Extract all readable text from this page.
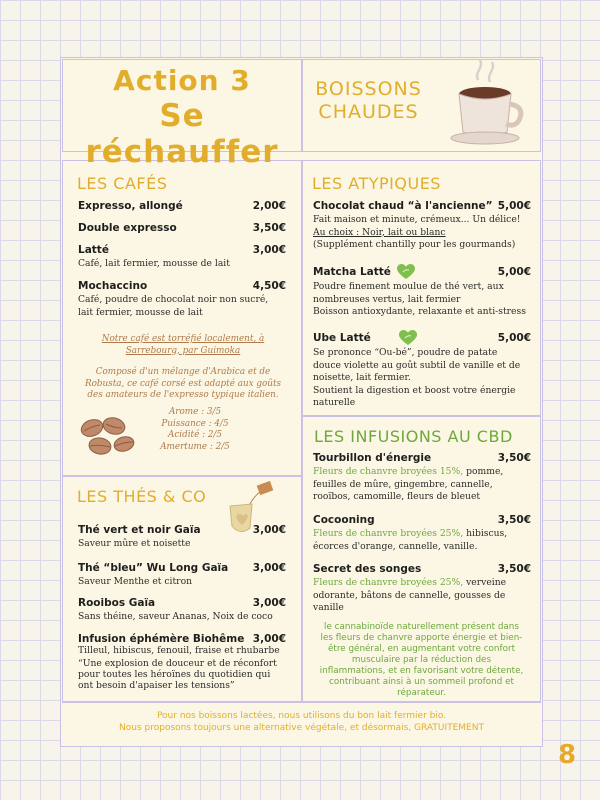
Action 3
Se réchauffer
BOISSONS
CHAUDES
LES CAFÉS
Expresso, allongé	2,00€
Double expresso	3,50€
Latté	3,00€
Café, lait fermier, mousse de lait
Mochaccino	4,50€
Café, poudre de chocolat noir non sucré,
lait fermier, mousse de lait
Notre café est torréfié localement, à
Sarrebourg, par Guimoka
Composé d'un mélange d'Arabica et de
Robusta, ce café corsé est adapté aux goûts
des amateurs de l'expresso typique italien.
Arome : 3/5
Puissance : 4/5
Acidité : 2/5
Amertume : 2/5
LES THÉS & CO
Thé vert et noir Gaïa	3,00€
Saveur mûre et noisette
Thé “bleu” Wu Long Gaïa 3,00€
Saveur Menthe et citron
Rooibos Gaïa	3,00€
Sans théine, saveur Ananas, Noix de coco
Infusion éphémère Biohême 3,00€
Tilleul, hibiscus, fenouil, fraise et rhubarbe
“Une explosion de douceur et de réconfort
pour toutes les héroïnes du quotidien qui
ont besoin d'apaiser les tensions”
LES ATYPIQUES
Chocolat chaud “à l'ancienne” 5,00€
Fait maison et minute, crémeux... Un délice!
Au choix : Noir, lait ou blanc
(Supplément chantilly pour les gourmands)
Matcha Latté	5,00€
Poudre finement moulue de thé vert, aux
nombreuses vertus, lait fermier
Boisson antioxydante, relaxante et anti-stress
Ube Latté	5,00€
Se prononce “Ou-bé”, poudre de patate
douce violette au goût subtil de vanille et de
noisette, lait fermier.
Soutient la digestion et boost votre énergie
naturelle
LES INFUSIONS AU CBD
Tourbillon d'énergie	3,50€
Fleurs de chanvre broyées 15%, pomme,
feuilles de mûre, gingembre, cannelle,
rooïbos, camomille, fleurs de bleuet
Cocooning	3,50€
Fleurs de chanvre broyées 25%, hibiscus,
écorces d'orange, cannelle, vanille.
Secret des songes	3,50€
Fleurs de chanvre broyées 25%, verveine
odorante, bâtons de cannelle, gousses de
vanille
le cannabinoïde naturellement présent dans
les fleurs de chanvre apporte énergie et bien-
être général, en augmentant votre confort
musculaire par la réduction des
inflammations, et en favorisant votre détente,
contribuant ainsi à un sommeil profond et
réparateur.
Pour nos boissons lactées, nous utilisons du bon lait fermier bio.
Nous proposons toujours une alternative végétale, et désormais, GRATUITEMENT
8
